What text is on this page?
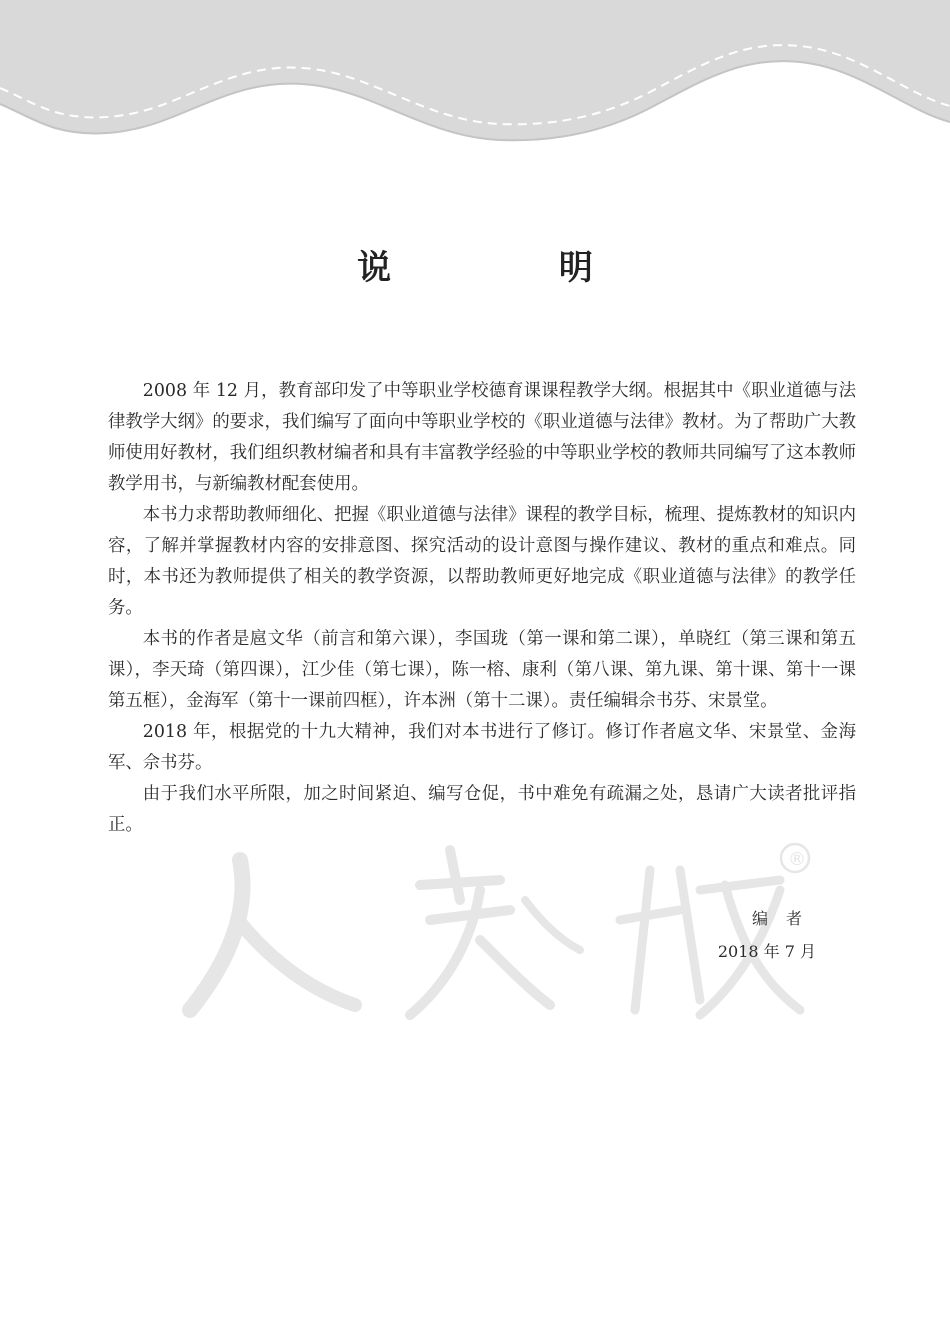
®
人教版
说 明

2008 年 12 月，教育部印发了中等职业学校德育课课程教学大纲。根据其中《职业道德与法律教学大纲》的要求，我们编写了面向中等职业学校的《职业道德与法律》教材。为了帮助广大教师使用好教材，我们组织教材编者和具有丰富教学经验的中等职业学校的教师共同编写了这本教师教学用书，与新编教材配套使用。

本书力求帮助教师细化、把握《职业道德与法律》课程的教学目标，梳理、提炼教材的知识内容，了解并掌握教材内容的安排意图、探究活动的设计意图与操作建议、教材的重点和难点。同时，本书还为教师提供了相关的教学资源，以帮助教师更好地完成《职业道德与法律》的教学任务。

本书的作者是扈文华（前言和第六课），李国珑（第一课和第二课），单晓红（第三课和第五课），李天琦（第四课），江少佳（第七课），陈一榕、康利（第八课、第九课、第十课、第十一课第五框），金海军（第十一课前四框），许本洲（第十二课）。责任编辑佘书芬、宋景堂。

2018 年，根据党的十九大精神，我们对本书进行了修订。修订作者扈文华、宋景堂、金海军、佘书芬。

由于我们水平所限，加之时间紧迫、编写仓促，书中难免有疏漏之处，恳请广大读者批评指正。

编者
2018 年 7 月
